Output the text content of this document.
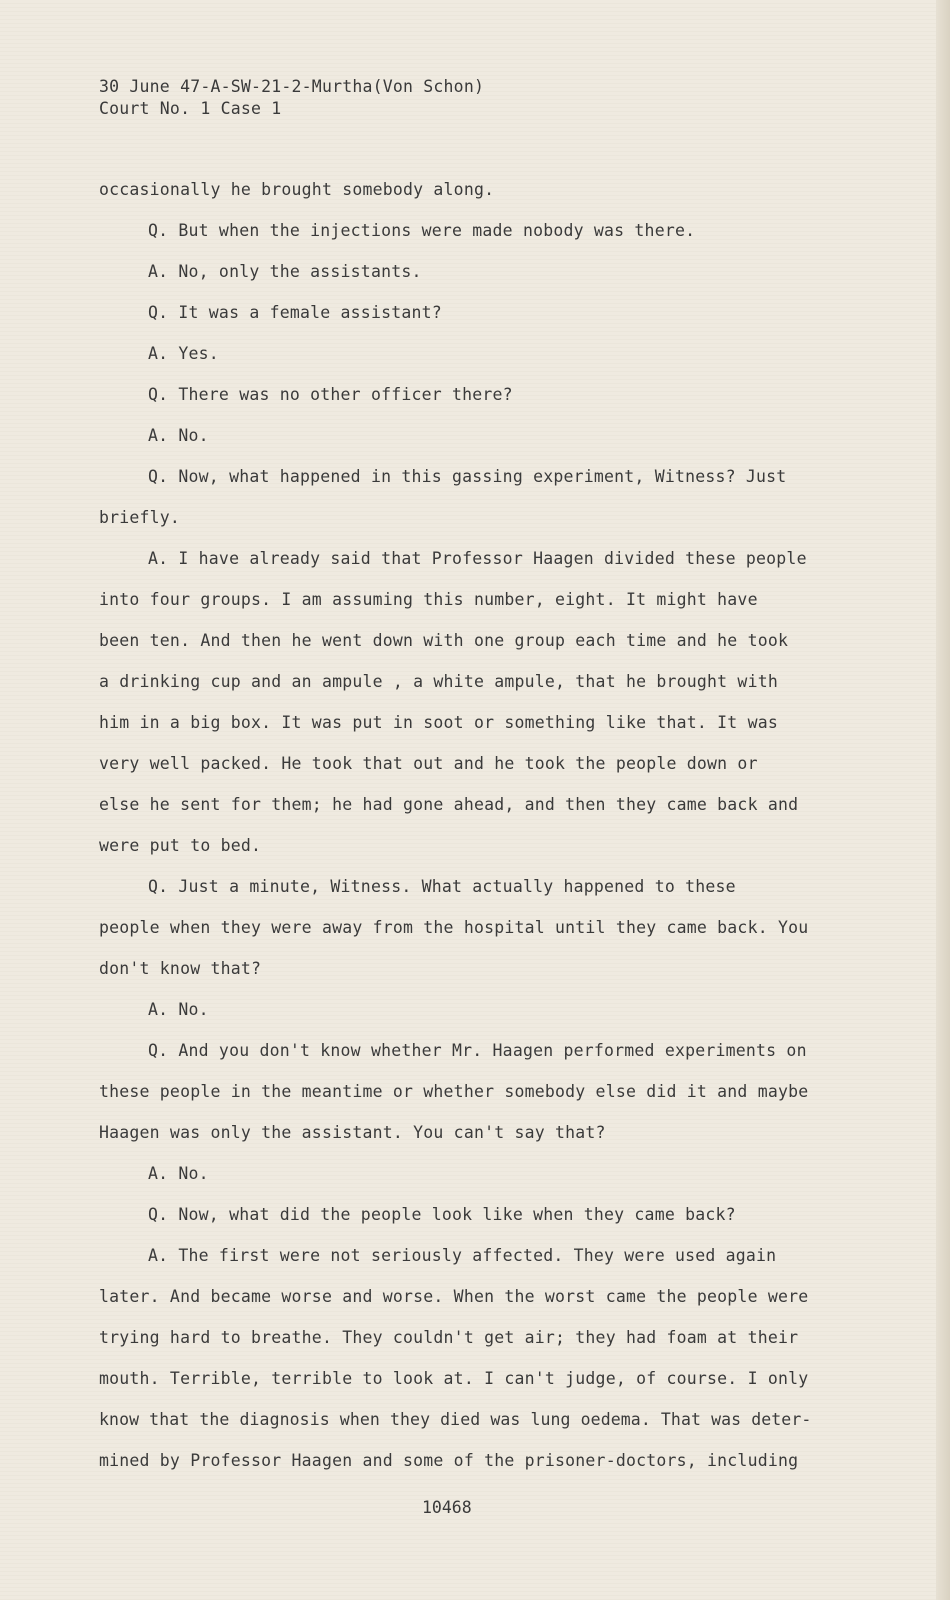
30 June 47-A-SW-21-2-Murtha(Von Schon)
Court No. 1 Case 1
occasionally he brought somebody along.
Q. But when the injections were made nobody was there.
A. No, only the assistants.
Q. It was a female assistant?
A. Yes.
Q. There was no other officer there?
A. No.
Q. Now, what happened in this gassing experiment, Witness? Just
briefly.
A. I have already said that Professor Haagen divided these people
into four groups. I am assuming this number, eight. It might have
been ten. And then he went down with one group each time and he took
a drinking cup and an ampule , a white ampule, that he brought with
him in a big box. It was put in soot or something like that. It was
very well packed. He took that out and he took the people down or
else he sent for them; he had gone ahead, and then they came back and
were put to bed.
Q. Just a minute, Witness. What actually happened to these
people when they were away from the hospital until they came back. You
don't know that?
A. No.
Q. And you don't know whether Mr. Haagen performed experiments on
these people in the meantime or whether somebody else did it and maybe
Haagen was only the assistant. You can't say that?
A. No.
Q. Now, what did the people look like when they came back?
A. The first were not seriously affected. They were used again
later. And became worse and worse. When the worst came the people were
trying hard to breathe. They couldn't get air; they had foam at their
mouth. Terrible, terrible to look at. I can't judge, of course. I only
know that the diagnosis when they died was lung oedema. That was deter-
mined by Professor Haagen and some of the prisoner-doctors, including
10468
